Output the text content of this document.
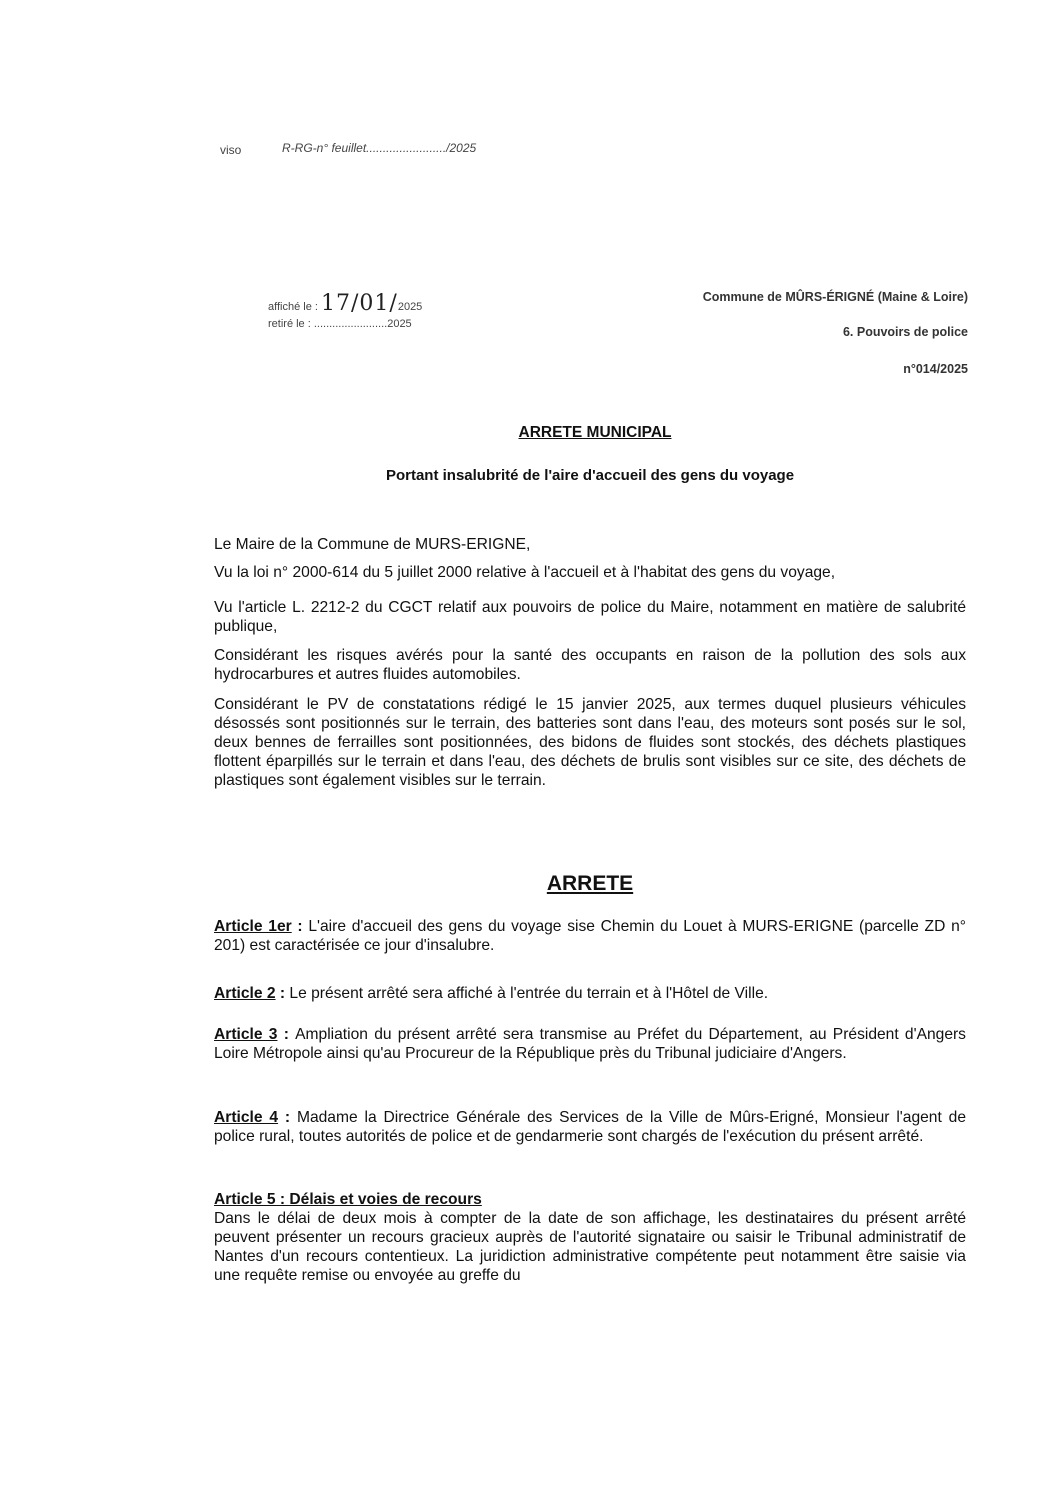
viso	R-RG-n° feuillet......................../2025
affiché le : 17/01/2025
retiré le : ........................2025
Commune de MÛRS-ÉRIGNÉ (Maine & Loire)
6. Pouvoirs de police
n°014/2025
ARRETE MUNICIPAL
Portant insalubrité de l'aire d'accueil des gens du voyage
Le Maire de la Commune de MURS-ERIGNE,
Vu la loi n° 2000-614 du 5 juillet 2000 relative à l'accueil et à l'habitat des gens du voyage,
Vu l'article L. 2212-2 du CGCT relatif aux pouvoirs de police du Maire, notamment en matière de salubrité publique,
Considérant les risques avérés pour la santé des occupants en raison de la pollution des sols aux hydrocarbures et autres fluides automobiles.
Considérant le PV de constatations rédigé le 15 janvier 2025, aux termes duquel plusieurs véhicules désossés sont positionnés sur le terrain, des batteries sont dans l'eau, des moteurs sont posés sur le sol, deux bennes de ferrailles sont positionnées, des bidons de fluides sont stockés, des déchets plastiques flottent éparpillés sur le terrain et dans l'eau, des déchets de brulis sont visibles sur ce site, des déchets de plastiques sont également visibles sur le terrain.
ARRETE
Article 1er : L'aire d'accueil des gens du voyage sise Chemin du Louet à MURS-ERIGNE (parcelle ZD n° 201) est caractérisée ce jour d'insalubre.
Article 2 : Le présent arrêté sera affiché à l'entrée du terrain et à l'Hôtel de Ville.
Article 3 : Ampliation du présent arrêté sera transmise au Préfet du Département, au Président d'Angers Loire Métropole ainsi qu'au Procureur de la République près du Tribunal judiciaire d'Angers.
Article 4 : Madame la Directrice Générale des Services de la Ville de Mûrs-Erigné, Monsieur l'agent de police rural, toutes autorités de police et de gendarmerie sont chargés de l'exécution du présent arrêté.
Article 5 : Délais et voies de recours
Dans le délai de deux mois à compter de la date de son affichage, les destinataires du présent arrêté peuvent présenter un recours gracieux auprès de l'autorité signataire ou saisir le Tribunal administratif de Nantes d'un recours contentieux. La juridiction administrative compétente peut notamment être saisie via une requête remise ou envoyée au greffe du
